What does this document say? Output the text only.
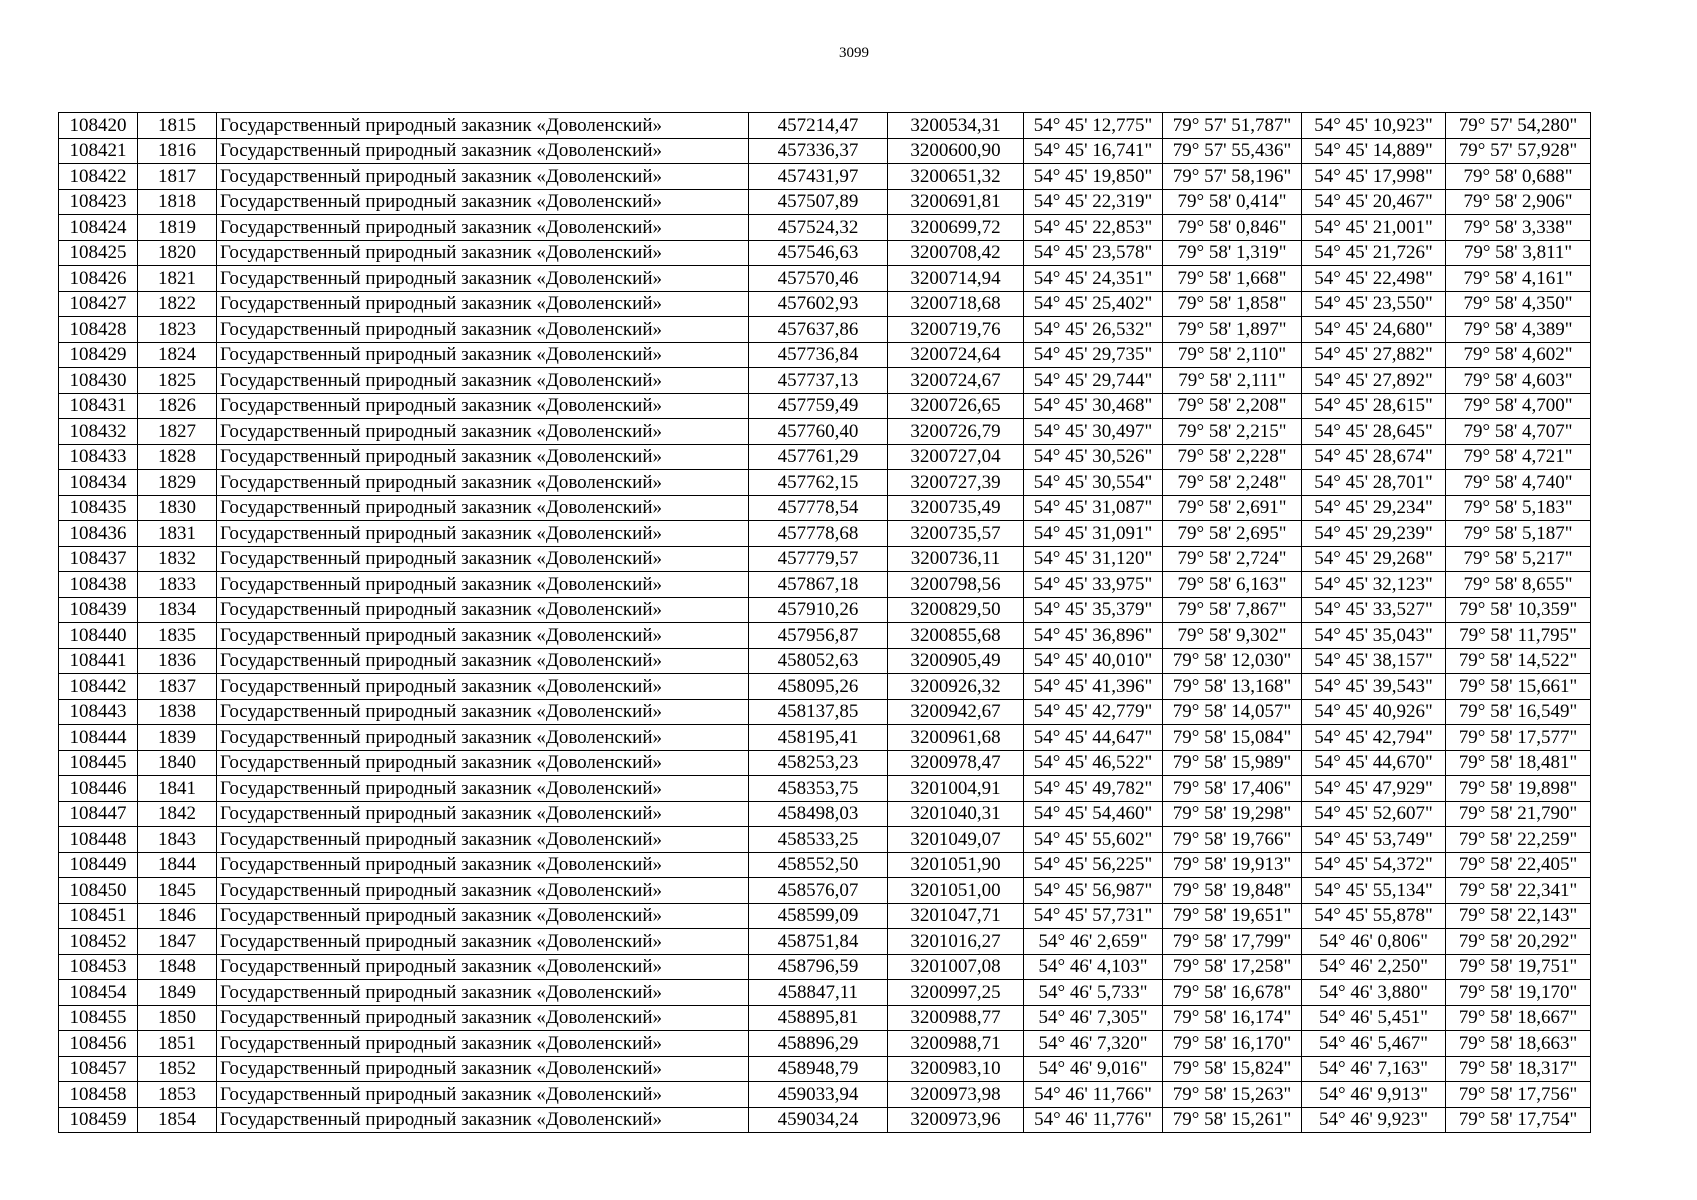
3099
108420	1815	Государственный природный заказник «Доволенский»	457214,47	3200534,31	54° 45' 12,775"	79° 57' 51,787"	54° 45' 10,923"	79° 57' 54,280"
108421	1816	Государственный природный заказник «Доволенский»	457336,37	3200600,90	54° 45' 16,741"	79° 57' 55,436"	54° 45' 14,889"	79° 57' 57,928"
108422	1817	Государственный природный заказник «Доволенский»	457431,97	3200651,32	54° 45' 19,850"	79° 57' 58,196"	54° 45' 17,998"	79° 58' 0,688"
108423	1818	Государственный природный заказник «Доволенский»	457507,89	3200691,81	54° 45' 22,319"	79° 58' 0,414"	54° 45' 20,467"	79° 58' 2,906"
108424	1819	Государственный природный заказник «Доволенский»	457524,32	3200699,72	54° 45' 22,853"	79° 58' 0,846"	54° 45' 21,001"	79° 58' 3,338"
108425	1820	Государственный природный заказник «Доволенский»	457546,63	3200708,42	54° 45' 23,578"	79° 58' 1,319"	54° 45' 21,726"	79° 58' 3,811"
108426	1821	Государственный природный заказник «Доволенский»	457570,46	3200714,94	54° 45' 24,351"	79° 58' 1,668"	54° 45' 22,498"	79° 58' 4,161"
108427	1822	Государственный природный заказник «Доволенский»	457602,93	3200718,68	54° 45' 25,402"	79° 58' 1,858"	54° 45' 23,550"	79° 58' 4,350"
108428	1823	Государственный природный заказник «Доволенский»	457637,86	3200719,76	54° 45' 26,532"	79° 58' 1,897"	54° 45' 24,680"	79° 58' 4,389"
108429	1824	Государственный природный заказник «Доволенский»	457736,84	3200724,64	54° 45' 29,735"	79° 58' 2,110"	54° 45' 27,882"	79° 58' 4,602"
108430	1825	Государственный природный заказник «Доволенский»	457737,13	3200724,67	54° 45' 29,744"	79° 58' 2,111"	54° 45' 27,892"	79° 58' 4,603"
108431	1826	Государственный природный заказник «Доволенский»	457759,49	3200726,65	54° 45' 30,468"	79° 58' 2,208"	54° 45' 28,615"	79° 58' 4,700"
108432	1827	Государственный природный заказник «Доволенский»	457760,40	3200726,79	54° 45' 30,497"	79° 58' 2,215"	54° 45' 28,645"	79° 58' 4,707"
108433	1828	Государственный природный заказник «Доволенский»	457761,29	3200727,04	54° 45' 30,526"	79° 58' 2,228"	54° 45' 28,674"	79° 58' 4,721"
108434	1829	Государственный природный заказник «Доволенский»	457762,15	3200727,39	54° 45' 30,554"	79° 58' 2,248"	54° 45' 28,701"	79° 58' 4,740"
108435	1830	Государственный природный заказник «Доволенский»	457778,54	3200735,49	54° 45' 31,087"	79° 58' 2,691"	54° 45' 29,234"	79° 58' 5,183"
108436	1831	Государственный природный заказник «Доволенский»	457778,68	3200735,57	54° 45' 31,091"	79° 58' 2,695"	54° 45' 29,239"	79° 58' 5,187"
108437	1832	Государственный природный заказник «Доволенский»	457779,57	3200736,11	54° 45' 31,120"	79° 58' 2,724"	54° 45' 29,268"	79° 58' 5,217"
108438	1833	Государственный природный заказник «Доволенский»	457867,18	3200798,56	54° 45' 33,975"	79° 58' 6,163"	54° 45' 32,123"	79° 58' 8,655"
108439	1834	Государственный природный заказник «Доволенский»	457910,26	3200829,50	54° 45' 35,379"	79° 58' 7,867"	54° 45' 33,527"	79° 58' 10,359"
108440	1835	Государственный природный заказник «Доволенский»	457956,87	3200855,68	54° 45' 36,896"	79° 58' 9,302"	54° 45' 35,043"	79° 58' 11,795"
108441	1836	Государственный природный заказник «Доволенский»	458052,63	3200905,49	54° 45' 40,010"	79° 58' 12,030"	54° 45' 38,157"	79° 58' 14,522"
108442	1837	Государственный природный заказник «Доволенский»	458095,26	3200926,32	54° 45' 41,396"	79° 58' 13,168"	54° 45' 39,543"	79° 58' 15,661"
108443	1838	Государственный природный заказник «Доволенский»	458137,85	3200942,67	54° 45' 42,779"	79° 58' 14,057"	54° 45' 40,926"	79° 58' 16,549"
108444	1839	Государственный природный заказник «Доволенский»	458195,41	3200961,68	54° 45' 44,647"	79° 58' 15,084"	54° 45' 42,794"	79° 58' 17,577"
108445	1840	Государственный природный заказник «Доволенский»	458253,23	3200978,47	54° 45' 46,522"	79° 58' 15,989"	54° 45' 44,670"	79° 58' 18,481"
108446	1841	Государственный природный заказник «Доволенский»	458353,75	3201004,91	54° 45' 49,782"	79° 58' 17,406"	54° 45' 47,929"	79° 58' 19,898"
108447	1842	Государственный природный заказник «Доволенский»	458498,03	3201040,31	54° 45' 54,460"	79° 58' 19,298"	54° 45' 52,607"	79° 58' 21,790"
108448	1843	Государственный природный заказник «Доволенский»	458533,25	3201049,07	54° 45' 55,602"	79° 58' 19,766"	54° 45' 53,749"	79° 58' 22,259"
108449	1844	Государственный природный заказник «Доволенский»	458552,50	3201051,90	54° 45' 56,225"	79° 58' 19,913"	54° 45' 54,372"	79° 58' 22,405"
108450	1845	Государственный природный заказник «Доволенский»	458576,07	3201051,00	54° 45' 56,987"	79° 58' 19,848"	54° 45' 55,134"	79° 58' 22,341"
108451	1846	Государственный природный заказник «Доволенский»	458599,09	3201047,71	54° 45' 57,731"	79° 58' 19,651"	54° 45' 55,878"	79° 58' 22,143"
108452	1847	Государственный природный заказник «Доволенский»	458751,84	3201016,27	54° 46' 2,659"	79° 58' 17,799"	54° 46' 0,806"	79° 58' 20,292"
108453	1848	Государственный природный заказник «Доволенский»	458796,59	3201007,08	54° 46' 4,103"	79° 58' 17,258"	54° 46' 2,250"	79° 58' 19,751"
108454	1849	Государственный природный заказник «Доволенский»	458847,11	3200997,25	54° 46' 5,733"	79° 58' 16,678"	54° 46' 3,880"	79° 58' 19,170"
108455	1850	Государственный природный заказник «Доволенский»	458895,81	3200988,77	54° 46' 7,305"	79° 58' 16,174"	54° 46' 5,451"	79° 58' 18,667"
108456	1851	Государственный природный заказник «Доволенский»	458896,29	3200988,71	54° 46' 7,320"	79° 58' 16,170"	54° 46' 5,467"	79° 58' 18,663"
108457	1852	Государственный природный заказник «Доволенский»	458948,79	3200983,10	54° 46' 9,016"	79° 58' 15,824"	54° 46' 7,163"	79° 58' 18,317"
108458	1853	Государственный природный заказник «Доволенский»	459033,94	3200973,98	54° 46' 11,766"	79° 58' 15,263"	54° 46' 9,913"	79° 58' 17,756"
108459	1854	Государственный природный заказник «Доволенский»	459034,24	3200973,96	54° 46' 11,776"	79° 58' 15,261"	54° 46' 9,923"	79° 58' 17,754"
